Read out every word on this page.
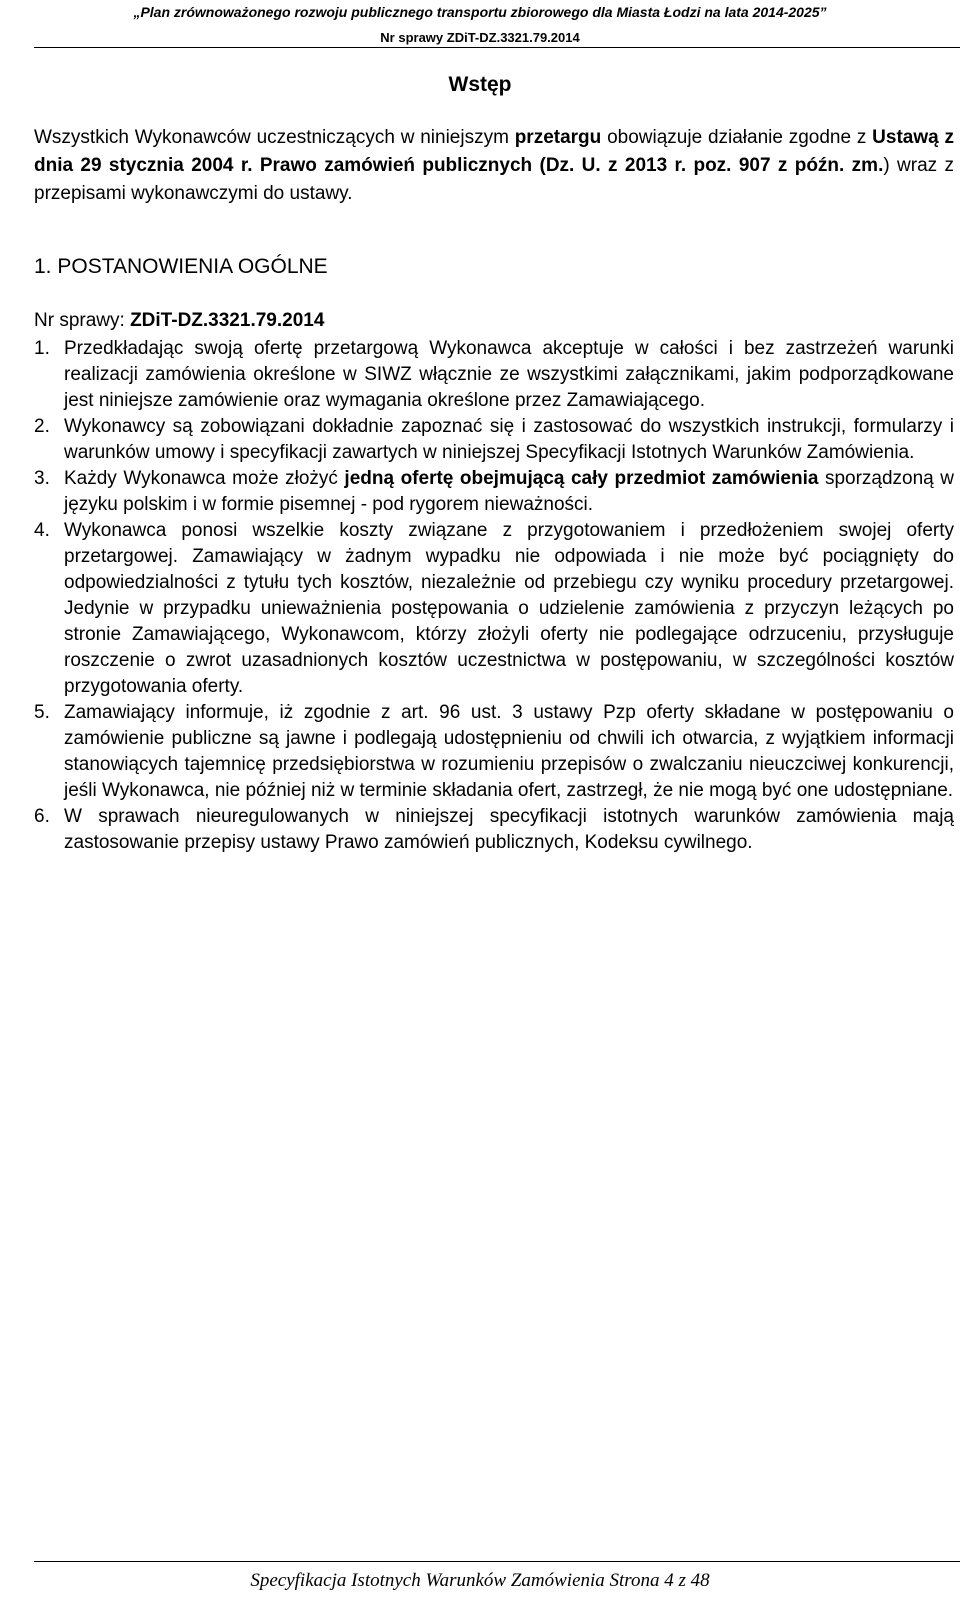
„Plan zrównoważonego rozwoju publicznego transportu zbiorowego dla Miasta Łodzi na lata 2014-2025”
Nr sprawy ZDiT-DZ.3321.79.2014
Wstęp
Wszystkich Wykonawców uczestniczących w niniejszym przetargu obowiązuje działanie zgodne z Ustawą z dnia 29 stycznia 2004 r. Prawo zamówień publicznych (Dz. U. z 2013 r. poz. 907 z późn. zm.) wraz z przepisami wykonawczymi do ustawy.
1. POSTANOWIENIA OGÓLNE
Nr sprawy: ZDiT-DZ.3321.79.2014
1. Przedkładając swoją ofertę przetargową Wykonawca akceptuje w całości i bez zastrzeżeń warunki realizacji zamówienia określone w SIWZ włącznie ze wszystkimi załącznikami, jakim podporządkowane jest niniejsze zamówienie oraz wymagania określone przez Zamawiającego.
2. Wykonawcy są zobowiązani dokładnie zapoznać się i zastosować do wszystkich instrukcji, formularzy i warunków umowy i specyfikacji zawartych w niniejszej Specyfikacji Istotnych Warunków Zamówienia.
3. Każdy Wykonawca może złożyć jedną ofertę obejmującą cały przedmiot zamówienia sporządzoną w języku polskim i w formie pisemnej - pod rygorem nieważności.
4. Wykonawca ponosi wszelkie koszty związane z przygotowaniem i przedłożeniem swojej oferty przetargowej. Zamawiający w żadnym wypadku nie odpowiada i nie może być pociągnięty do odpowiedzialności z tytułu tych kosztów, niezależnie od przebiegu czy wyniku procedury przetargowej. Jedynie w przypadku unieważnienia postępowania o udzielenie zamówienia z przyczyn leżących po stronie Zamawiającego, Wykonawcom, którzy złożyli oferty nie podlegające odrzuceniu, przysługuje roszczenie o zwrot uzasadnionych kosztów uczestnictwa w postępowaniu, w szczególności kosztów przygotowania oferty.
5. Zamawiający informuje, iż zgodnie z art. 96 ust. 3 ustawy Pzp oferty składane w postępowaniu o zamówienie publiczne są jawne i podlegają udostępnieniu od chwili ich otwarcia, z wyjątkiem informacji stanowiących tajemnicę przedsiębiorstwa w rozumieniu przepisów o zwalczaniu nieuczciwej konkurencji, jeśli Wykonawca, nie później niż w terminie składania ofert, zastrzegł, że nie mogą być one udostępniane.
6. W sprawach nieuregulowanych w niniejszej specyfikacji istotnych warunków zamówienia mają zastosowanie przepisy ustawy Prawo zamówień publicznych, Kodeksu cywilnego.
Specyfikacja Istotnych Warunków Zamówienia Strona 4 z 48
